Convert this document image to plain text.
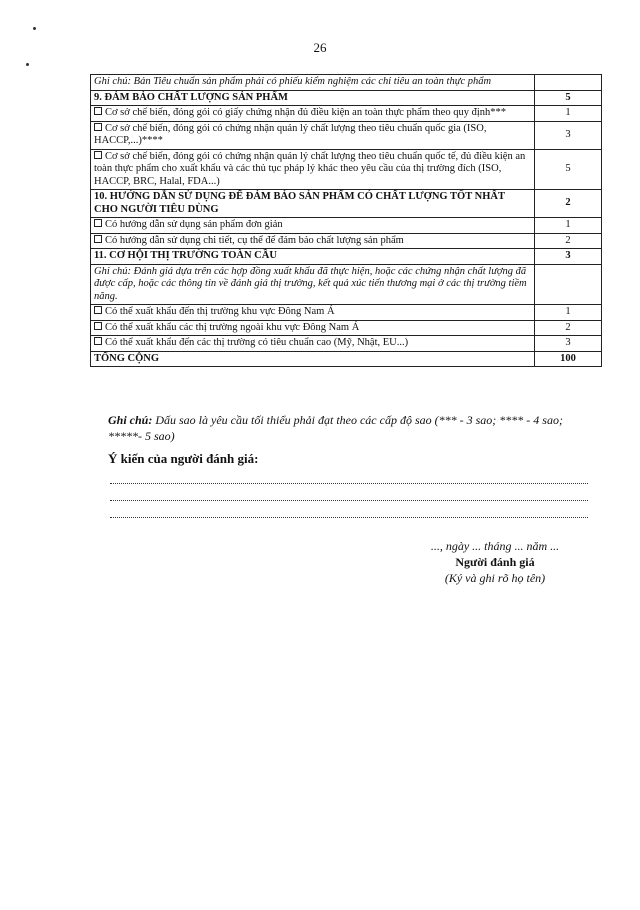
26
Ghi chú: Bản Tiêu chuẩn sản phẩm phải có phiếu kiểm nghiệm các chỉ tiêu an toàn thực phẩm	
9. ĐẢM BẢO CHẤT LƯỢNG SẢN PHẨM	5
Cơ sở chế biến, đóng gói có giấy chứng nhận đủ điều kiện an toàn thực phẩm theo quy định***	1
Cơ sở chế biến, đóng gói có chứng nhận quản lý chất lượng theo tiêu chuẩn quốc gia (ISO, HACCP,...)****	3
Cơ sở chế biến, đóng gói có chứng nhận quản lý chất lượng theo tiêu chuẩn quốc tế, đủ điều kiện an toàn thực phẩm cho xuất khẩu và các thủ tục pháp lý khác theo yêu cầu của thị trường đích (ISO, HACCP, BRC, Halal, FDA...)	5
10. HƯỚNG DẪN SỬ DỤNG ĐỂ ĐẢM BẢO SẢN PHẨM CÓ CHẤT LƯỢNG TỐT NHẤT CHO NGƯỜI TIÊU DÙNG	2
Có hướng dẫn sử dụng sản phẩm đơn giản	1
Có hướng dẫn sử dụng chi tiết, cụ thể để đảm bảo chất lượng sản phẩm	2
11. CƠ HỘI THỊ TRƯỜNG TOÀN CẦU	3
Ghi chú: Đánh giá dựa trên các hợp đồng xuất khẩu đã thực hiện, hoặc các chứng nhận chất lượng đã được cấp, hoặc các thông tin về đánh giá thị trường, kết quả xúc tiến thương mại ở các thị trường tiềm năng.	
Có thể xuất khẩu đến thị trường khu vực Đông Nam Á	1
Có thể xuất khẩu các thị trường ngoài khu vực Đông Nam Á	2
Có thể xuất khẩu đến các thị trường có tiêu chuẩn cao (Mỹ, Nhật, EU...)	3
TỔNG CỘNG	100
Ghi chú: Dấu sao là yêu cầu tối thiểu phải đạt theo các cấp độ sao (*** - 3 sao; **** - 4 sao; *****- 5 sao)
Ý kiến của người đánh giá:
..., ngày ... tháng ... năm ...
Người đánh giá
(Ký và ghi rõ họ tên)
